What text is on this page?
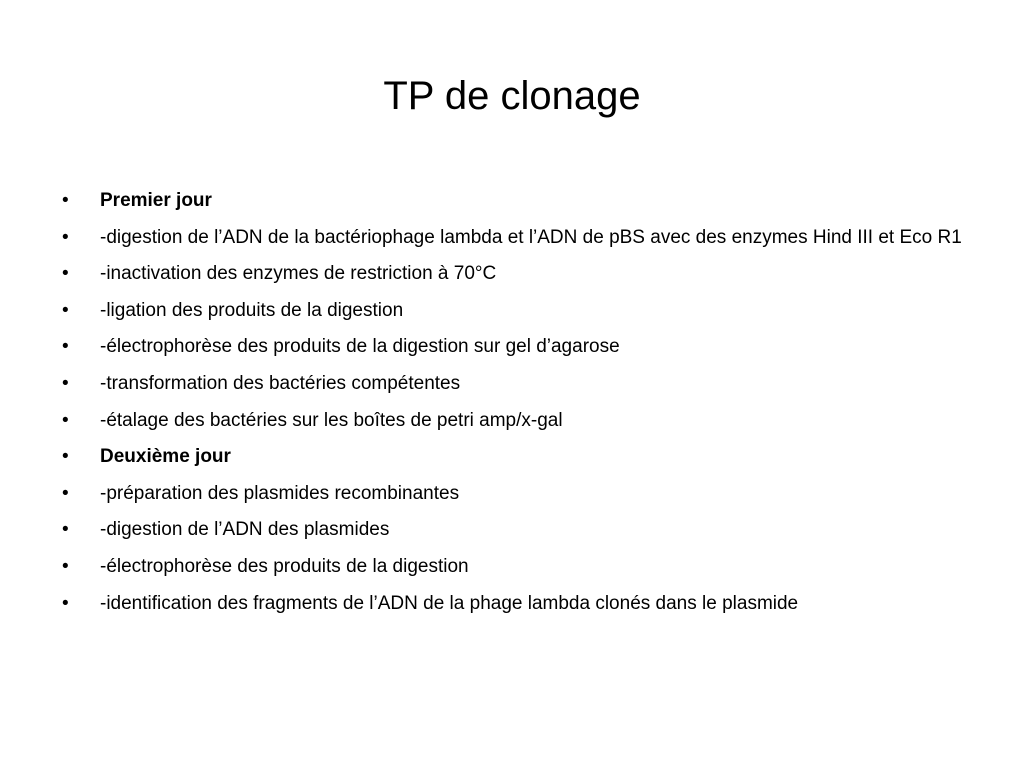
TP de clonage
•	Premier jour
•	-digestion de l’ADN de la bactériophage lambda et l’ADN de pBS avec des enzymes Hind III et Eco R1
•	-inactivation des enzymes de restriction à 70°C
•	-ligation des produits de la digestion
•	-électrophorèse des produits de la digestion sur gel d’agarose
•	-transformation des bactéries compétentes
•	-étalage des bactéries sur les boîtes de petri amp/x-gal
•	Deuxième jour
•	-préparation des plasmides recombinantes
•	-digestion de l’ADN des plasmides
•	-électrophorèse des produits de la digestion
•	-identification des fragments de l’ADN de la phage lambda clonés dans le plasmide
